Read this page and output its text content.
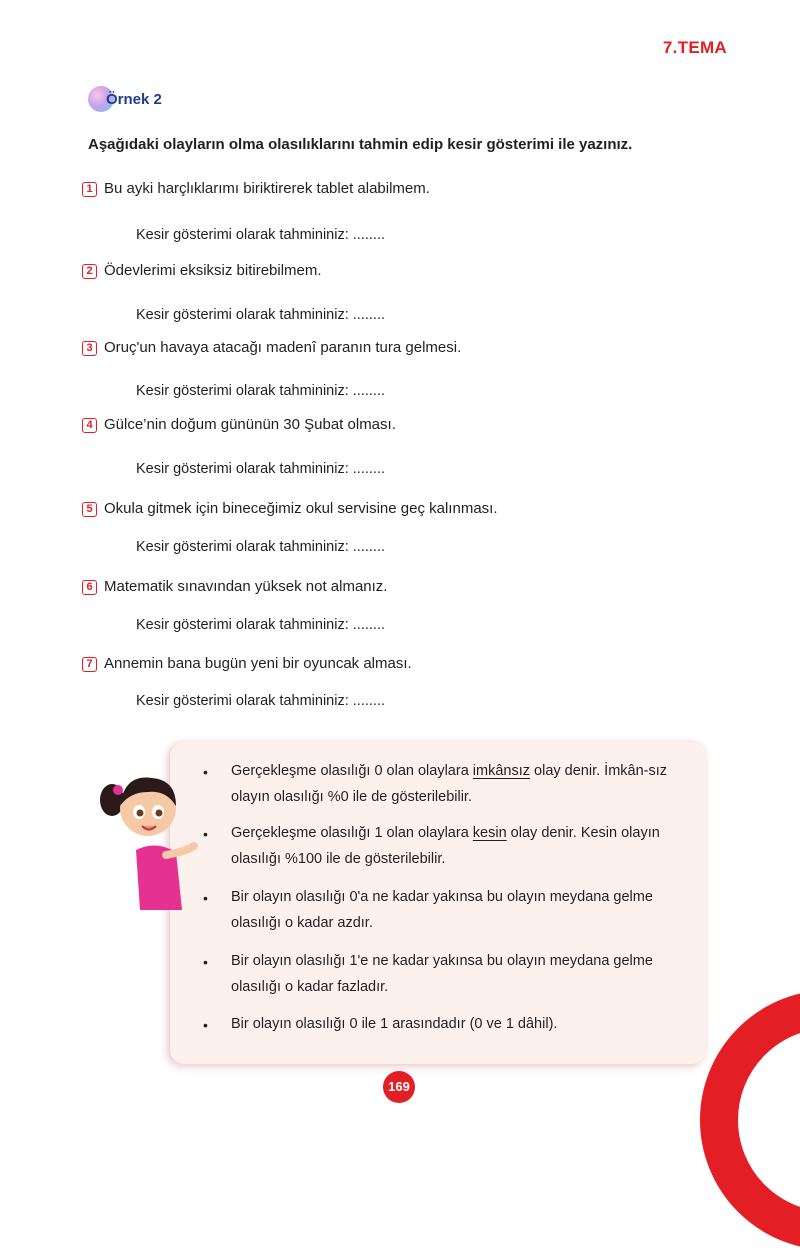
7.TEMA
Örnek 2
Aşağıdaki olayların olma olasılıklarını tahmin edip kesir gösterimi ile yazınız.
1 Bu ayki harçlıklarımı biriktirerek tablet alabilmem.
Kesir gösterimi olarak tahmininiz: ........
2 Ödevlerimi eksiksiz bitirebilmem.
Kesir gösterimi olarak tahmininiz: ........
3 Oruç'un havaya atacağı madenî paranın tura gelmesi.
Kesir gösterimi olarak tahmininiz: ........
4 Gülce’nin doğum gününün 30 Şubat olması.
Kesir gösterimi olarak tahmininiz: ........
5 Okula gitmek için bineceğimiz okul servisine geç kalınması.
Kesir gösterimi olarak tahmininiz: ........
6 Matematik sınavından yüksek not almanız.
Kesir gösterimi olarak tahmininiz: ........
7 Annemin bana bugün yeni bir oyuncak alması.
Kesir gösterimi olarak tahmininiz: ........
• Gerçekleşme olasılığı 0 olan olaylara imkânsız olay denir. İmkân-sız olayın olasılığı %0 ile de gösterilebilir.
• Gerçekleşme olasılığı 1 olan olaylara kesin olay denir. Kesin olayın olasılığı %100 ile de gösterilebilir.
• Bir olayın olasılığı 0'a ne kadar yakınsa bu olayın meydana gelme olasılığı o kadar azdır.
• Bir olayın olasılığı 1'e ne kadar yakınsa bu olayın meydana gelme olasılığı o kadar fazladır.
• Bir olayın olasılığı 0 ile 1 arasındadır (0 ve 1 dâhil).
169
